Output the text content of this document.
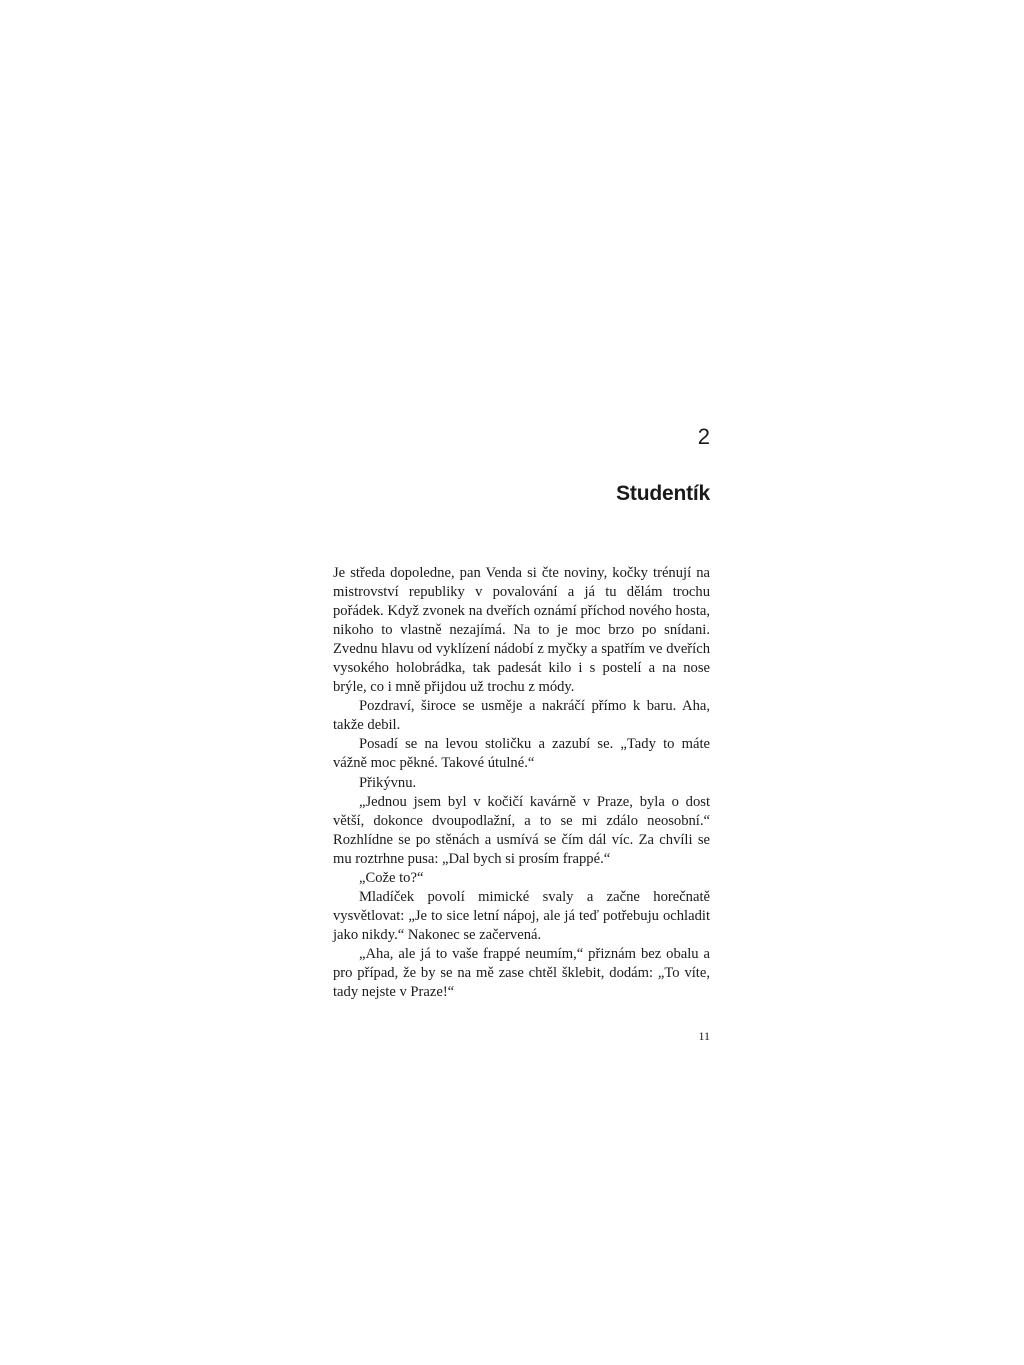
2
Studentík

Je středa dopoledne, pan Venda si čte noviny, kočky trénují na mistrovství republiky v povalování a já tu dělám trochu pořádek. Když zvonek na dveřích oznámí příchod nového hosta, nikoho to vlastně nezajímá. Na to je moc brzo po snídani. Zvednu hlavu od vyklízení nádobí z myčky a spatřím ve dveřích vysokého holobrádka, tak padesát kilo i s postelí a na nose brýle, co i mně přijdou už trochu z módy.

Pozdraví, široce se usměje a nakráčí přímo k baru. Aha, takže debil.

Posadí se na levou stoličku a zazubí se. „Tady to máte vážně moc pěkné. Takové útulné.“

Přikývnu.

„Jednou jsem byl v kočičí kavárně v Praze, byla o dost větší, dokonce dvoupodlažní, a to se mi zdálo neosobní.“ Rozhlídne se po stěnách a usmívá se čím dál víc. Za chvíli se mu roztrhne pusa: „Dal bych si prosím frappé.“

„Cože to?“

Mladíček povolí mimické svaly a začne horečnatě vysvětlovat: „Je to sice letní nápoj, ale já teď potřebuju ochladit jako nikdy.“ Nakonec se začervená.

„Aha, ale já to vaše frappé neumím,“ přiznám bez obalu a pro případ, že by se na mě zase chtěl šklebit, dodám: „To víte, tady nejste v Praze!“

11
